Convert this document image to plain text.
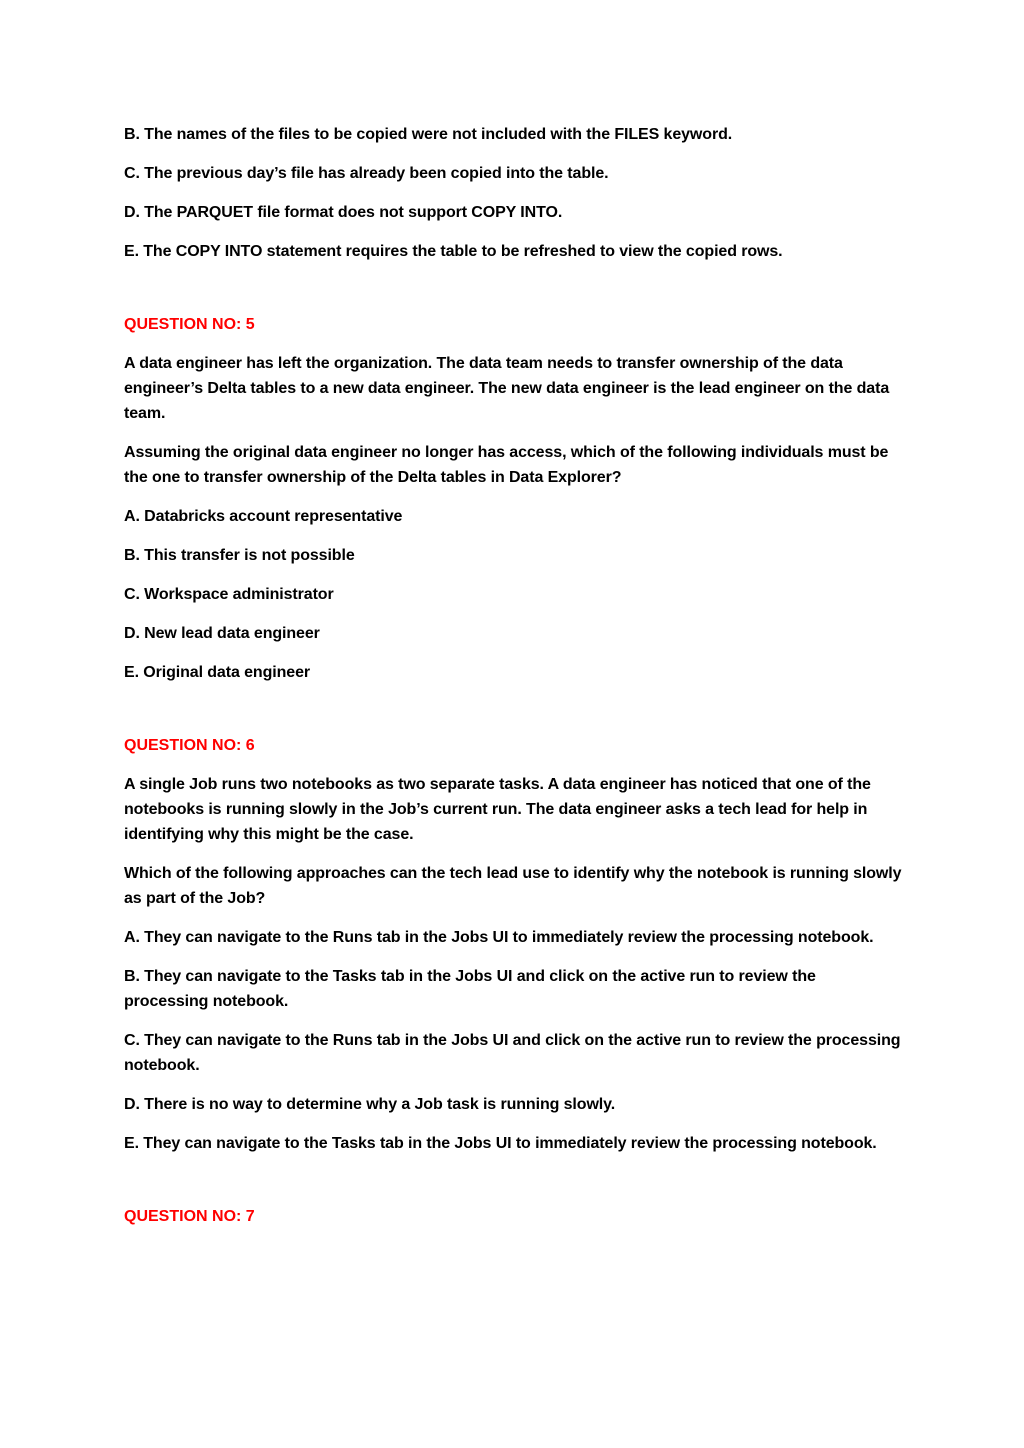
B. The names of the files to be copied were not included with the FILES keyword.
C. The previous day’s file has already been copied into the table.
D. The PARQUET file format does not support COPY INTO.
E. The COPY INTO statement requires the table to be refreshed to view the copied rows.
QUESTION NO: 5
A data engineer has left the organization. The data team needs to transfer ownership of the data engineer’s Delta tables to a new data engineer. The new data engineer is the lead engineer on the data team.
Assuming the original data engineer no longer has access, which of the following individuals must be the one to transfer ownership of the Delta tables in Data Explorer?
A. Databricks account representative
B. This transfer is not possible
C. Workspace administrator
D. New lead data engineer
E. Original data engineer
QUESTION NO: 6
A single Job runs two notebooks as two separate tasks. A data engineer has noticed that one of the notebooks is running slowly in the Job’s current run. The data engineer asks a tech lead for help in identifying why this might be the case.
Which of the following approaches can the tech lead use to identify why the notebook is running slowly as part of the Job?
A. They can navigate to the Runs tab in the Jobs UI to immediately review the processing notebook.
B. They can navigate to the Tasks tab in the Jobs UI and click on the active run to review the processing notebook.
C. They can navigate to the Runs tab in the Jobs UI and click on the active run to review the processing notebook.
D. There is no way to determine why a Job task is running slowly.
E. They can navigate to the Tasks tab in the Jobs UI to immediately review the processing notebook.
QUESTION NO: 7
